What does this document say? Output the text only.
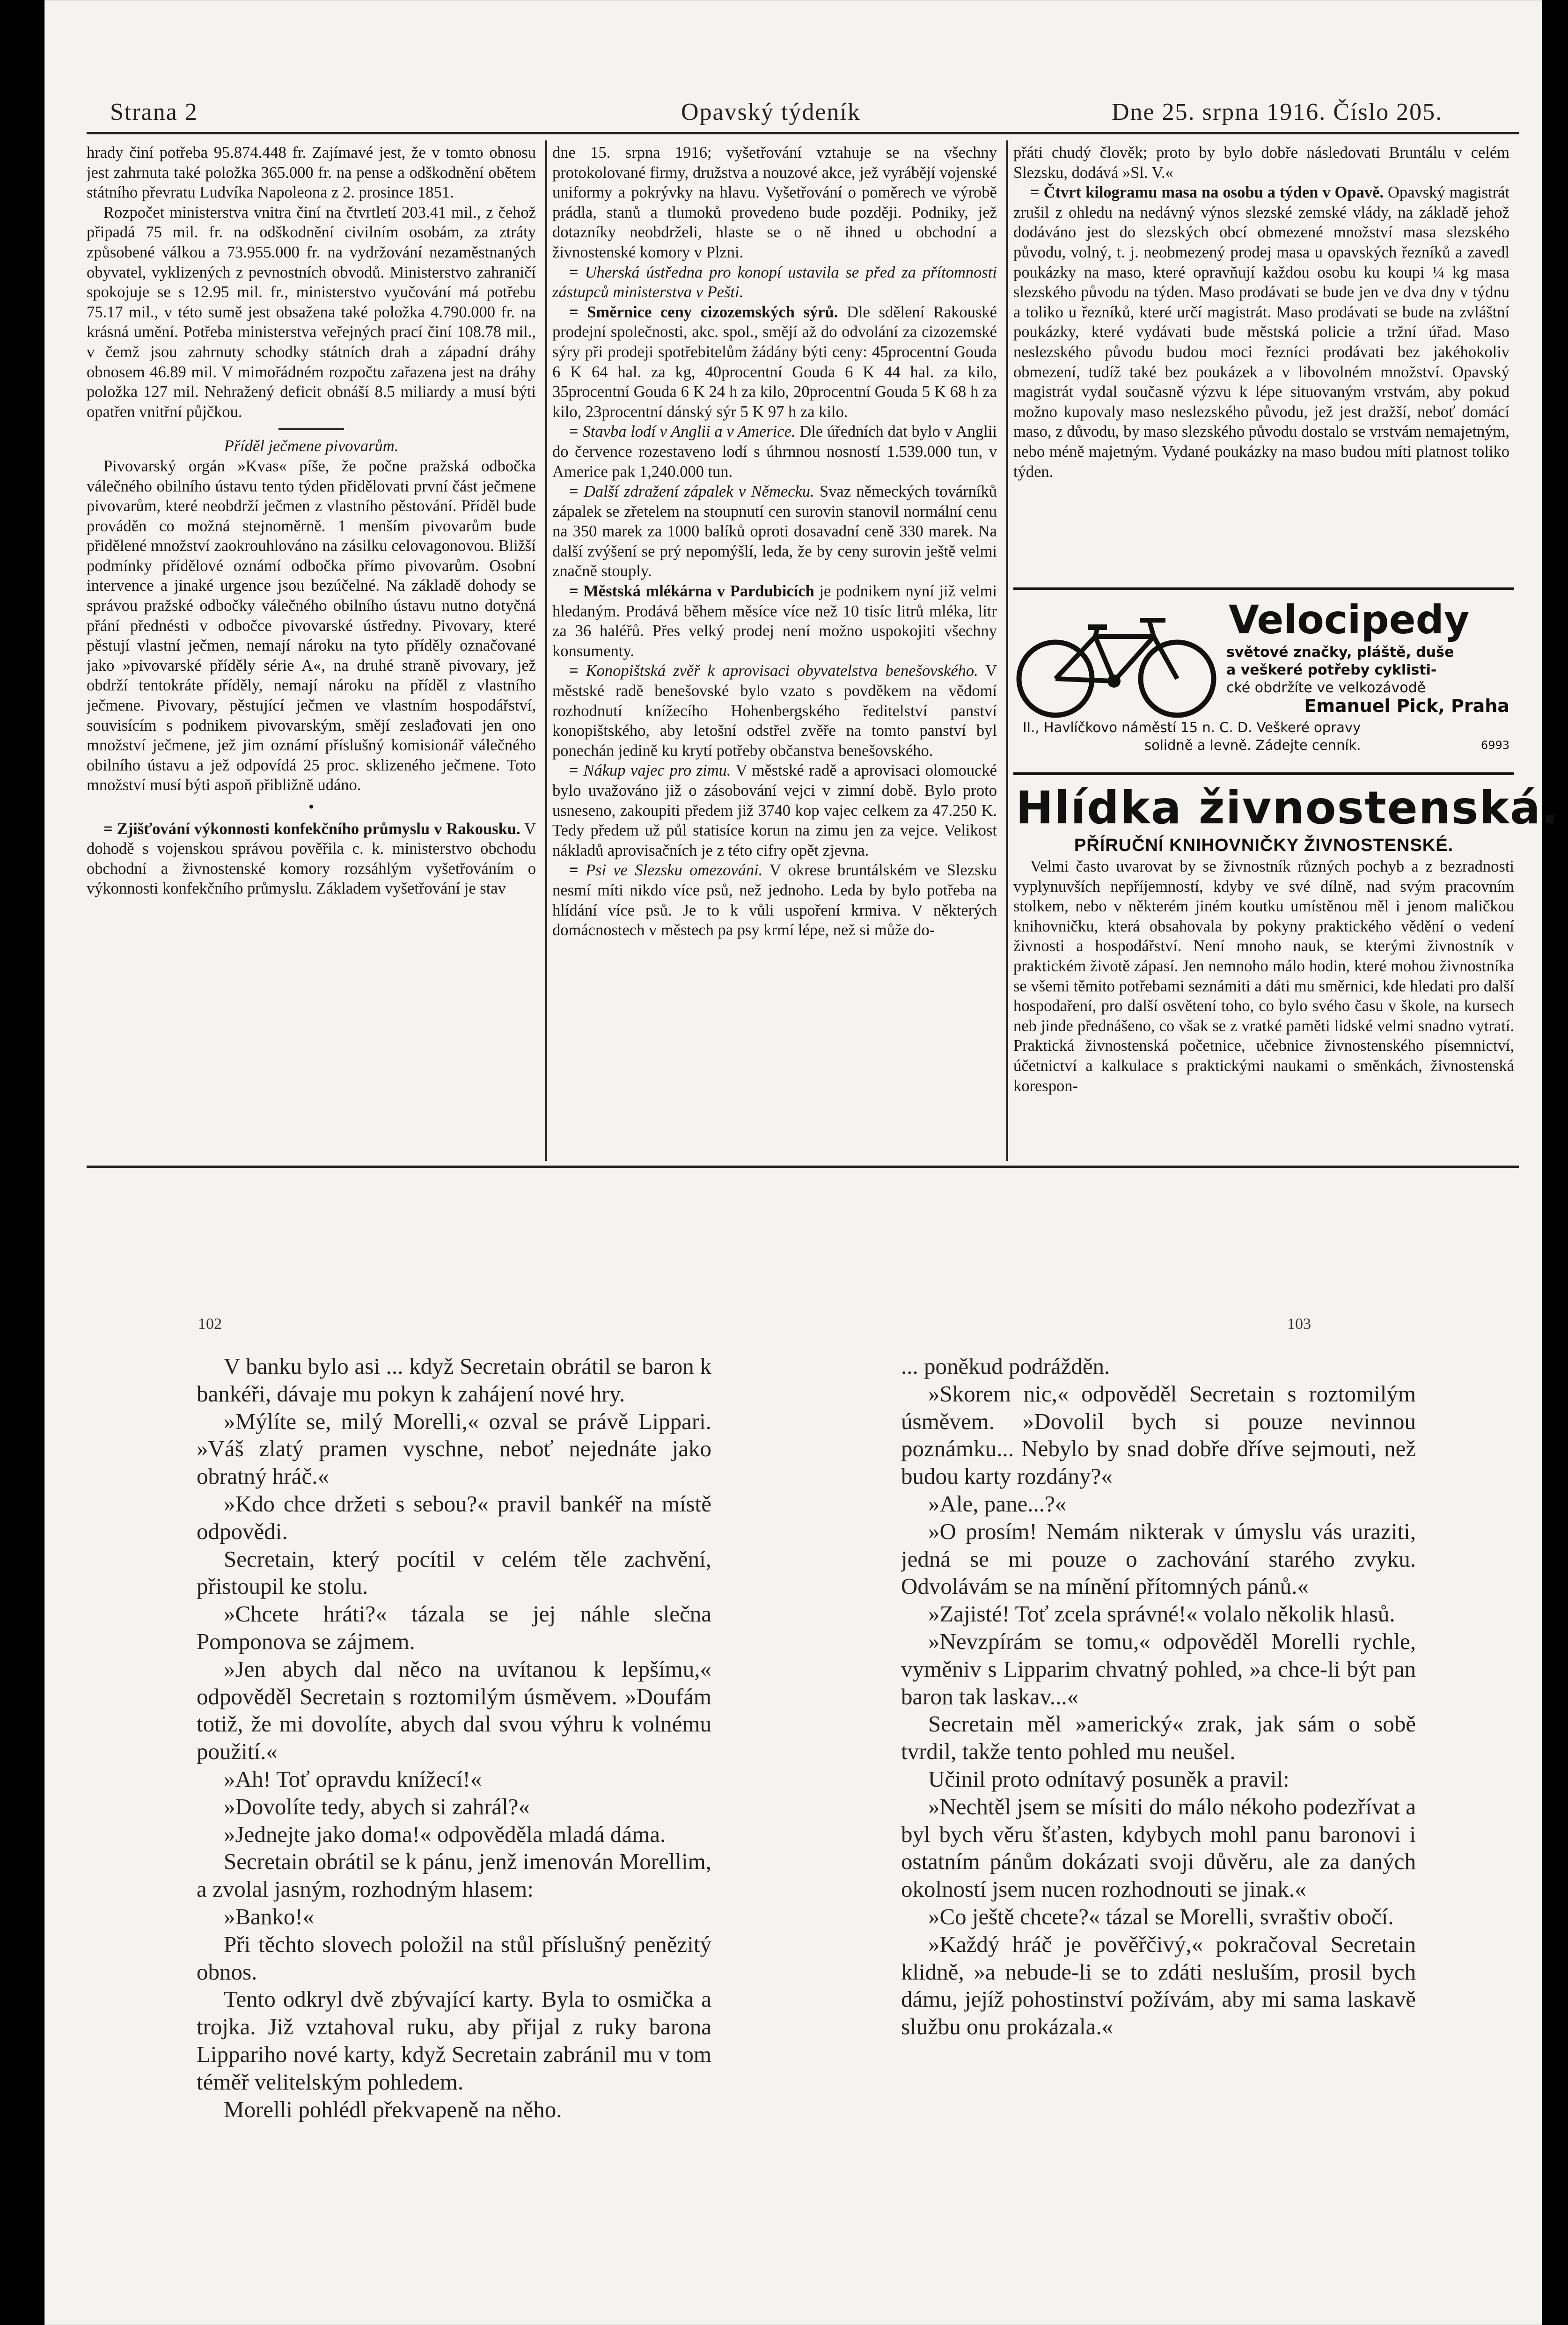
Strana 2	Opavský týdeník	Dne 25. srpna 1916. Číslo 205.

hrady činí potřeba 95.874.448 fr. Zajímavé jest, že v tomto obnosu jest zahrnuta také položka 365.000 fr. na pense a odškodnění obětem státního převratu Ludvíka Napoleona z 2. prosince 1851.

Rozpočet ministerstva vnitra činí na čtvrtletí 203.41 mil., z čehož připadá 75 mil. fr. na odškodnění civilním osobám, za ztráty způsobené válkou a 73.955.000 fr. na vydržování nezaměstnaných obyvatel, vyklizených z pevnostních obvodů. Ministerstvo zahraničí spokojuje se s 12.95 mil. fr., ministerstvo vyučování má potřebu 75.17 mil., v této sumě jest obsažena také položka 4.790.000 fr. na krásná umění. Potřeba ministerstva veřejných prací činí 108.78 mil., v čemž jsou zahrnuty schodky státních drah a západní dráhy obnosem 46.89 mil. V mimořádném rozpočtu zařazena jest na dráhy položka 127 mil. Nehražený deficit obnáší 8.5 miliardy a musí býti opatřen vnitřní půjčkou.

Příděl ječmene pivovarům.

Pivovarský orgán »Kvas« píše, že počne pražská odbočka válečného obilního ústavu tento týden přidělovati první část ječmene pivovarům, které neobdrží ječmen z vlastního pěstování. Příděl bude prováděn co možná stejnoměrně. 1 menším pivovarům bude přidělené množství zaokrouhlováno na zásilku celovagonovou. Bližší podmínky přídělové oznámí odbočka přímo pivovarům. Osobní intervence a jinaké urgence jsou bezúčelné. Na základě dohody se správou pražské odbočky válečného obilního ústavu nutno dotyčná přání přednésti v odbočce pivovarské ústředny. Pivovary, které pěstují vlastní ječmen, nemají nároku na tyto příděly označované jako »pivovarské příděly série A«, na druhé straně pivovary, jež obdrží tentokráte příděly, nemají nároku na příděl z vlastního ječmene. Pivovary, pěstující ječmen ve vlastním hospodářství, souvisícím s podnikem pivovarským, smějí zeslađovati jen ono množství ječmene, jež jim oznámí příslušný komisionář válečného obilního ústavu a jež odpovídá 25 proc. sklizeného ječmene. Toto množství musí býti aspoň přibližně udáno.

•

= Zjišťování výkonnosti konfekčního průmyslu v Rakousku. V dohodě s vojenskou správou pověřila c. k. ministerstvo obchodu obchodní a živnostenské komory rozsáhlým vyšetřováním o výkonnosti konfekčního průmyslu. Základem vyšetřování je stav

dne 15. srpna 1916; vyšetřování vztahuje se na všechny protokolované firmy, družstva a nouzové akce, jež vyrábějí vojenské uniformy a pokrývky na hlavu. Vyšetřování o poměrech ve výrobě prádla, stanů a tlumoků provedeno bude později. Podniky, jež dotazníky neobdrželi, hlaste se o ně ihned u obchodní a živnostenské komory v Plzni.

= Uherská ústředna pro konopí ustavila se před za přítomnosti zástupců ministerstva v Pešti.

= Směrnice ceny cizozemských sýrů. Dle sdělení Rakouské prodejní společnosti, akc. spol., smějí až do odvolání za cizozemské sýry při prodeji spotřebitelům žádány býti ceny: 45procentní Gouda 6 K 64 hal. za kg, 40procentní Gouda 6 K 44 hal. za kilo, 35procentní Gouda 6 K 24 h za kilo, 20procentní Gouda 5 K 68 h za kilo, 23procentní dánský sýr 5 K 97 h za kilo.

= Stavba lodí v Anglii a v Americe. Dle úředních dat bylo v Anglii do července rozestaveno lodí s úhrnnou nosností 1.539.000 tun, v Americe pak 1,240.000 tun.

= Další zdražení zápalek v Německu. Svaz německých továrníků zápalek se zřetelem na stoupnutí cen surovin stanovil normální cenu na 350 marek za 1000 balíků oproti dosavadní ceně 330 marek. Na další zvýšení se prý nepomýšlí, leda, že by ceny surovin ještě velmi značně stouply.

= Městská mlékárna v Pardubicích je podnikem nyní již velmi hledaným. Prodává během měsíce více než 10 tisíc litrů mléka, litr za 36 haléřů. Přes velký prodej není možno uspokojiti všechny konsumenty.

= Konopištská zvěř k aprovisaci obyvatelstva benešovského. V městské radě benešovské bylo vzato s povděkem na vědomí rozhodnutí knížecího Hohenbergského ředitelství panství konopištského, aby letošní odstřel zvěře na tomto panství byl ponechán jedině ku krytí potřeby občanstva benešovského.

= Nákup vajec pro zimu. V městské radě a aprovisaci olomoucké bylo uvažováno již o zásobování vejci v zimní době. Bylo proto usneseno, zakoupiti předem již 3740 kop vajec celkem za 47.250 K. Tedy předem už půl statisíce korun na zimu jen za vejce. Velikost nákladů aprovisačních je z této cifry opět zjevna.

= Psi ve Slezsku omezováni. V okrese bruntálském ve Slezsku nesmí míti nikdo více psů, než jednoho. Leda by bylo potřeba na hlídání více psů. Je to k vůli uspoření krmiva. V některých domácnostech v městech pa psy krmí lépe, než si může do-

přáti chudý člověk; proto by bylo dobře následovati Bruntálu v celém Slezsku, dodává »Sl. V.«

= Čtvrt kilogramu masa na osobu a týden v Opavě. Opavský magistrát zrušil z ohledu na nedávný výnos slezské zemské vlády, na základě jehož dodáváno jest do slezských obcí obmezené množství masa slezského původu, volný, t. j. neobmezený prodej masa u opavských řezníků a zavedl poukázky na maso, které opravňují každou osobu ku koupi ¼ kg masa slezského původu na týden. Maso prodávati se bude jen ve dva dny v týdnu a toliko u řezníků, které určí magistrát. Maso prodávati se bude na zvláštní poukázky, které vydávati bude městská policie a tržní úřad. Maso neslezského původu budou moci řezníci prodávati bez jakéhokoliv obmezení, tudíž také bez poukázek a v libovolném množství. Opavský magistrát vydal současně výzvu k lépe situovaným vrstvám, aby pokud možno kupovaly maso neslezského původu, jež jest dražší, neboť domácí maso, z důvodu, by maso slezského původu dostalo se vrstvám nemajetným, nebo méně majetným. Vydané poukázky na maso budou míti platnost toliko týden.

Velocipedy
světové značky, pláště, duše
a veškeré potřeby cyklisti-
cké obdržíte ve velkozávodě
Emanuel Pick, Praha
II., Havlíčkovo náměstí 15 n. C. D. Veškeré opravy
solidně a levně. Zádejte cenník.	6993
Hlídka živnostenská.
PŘÍRUČNÍ KNIHOVNIČKY ŽIVNOSTENSKÉ.

Velmi často uvarovat by se živnostník různých pochyb a z bezradnosti vyplynuvších nepříjemností, kdyby ve své dílně, nad svým pracovním stolkem, nebo v některém jiném koutku umístěnou měl i jenom maličkou knihovničku, která obsahovala by pokyny praktického vědění o vedení živnosti a hospodářství. Není mnoho nauk, se kterými živnostník v praktickém životě zápasí. Jen nemnoho málo hodin, které mohou živnostníka se všemi těmito potřebami seznámiti a dáti mu směrnici, kde hledati pro další hospodaření, pro další osvětení toho, co bylo svého času v škole, na kursech neb jinde přednášeno, co však se z vratké paměti lidské velmi snadno vytratí. Praktická živnostenská početnice, učebnice živnostenského písemnictví, účetnictví a kalkulace s praktickými naukami o směnkách, živnostenská korespon-

102	103

V banku bylo asi ... když Secretain obrátil se baron k bankéři, dávaje mu pokyn k zahájení nové hry.

»Mýlíte se, milý Morelli,« ozval se právě Lippari. »Váš zlatý pramen vyschne, neboť nejednáte jako obratný hráč.«

»Kdo chce držeti s sebou?« pravil bankéř na místě odpovědi.

Secretain, který pocítil v celém těle zachvění, přistoupil ke stolu.

»Chcete hráti?« tázala se jej náhle slečna Pomponova se zájmem.

»Jen abych dal něco na uvítanou k lepšímu,« odpověděl Secretain s roztomilým úsměvem. »Doufám totiž, že mi dovolíte, abych dal svou výhru k volnému použití.«

»Ah! Toť opravdu knížecí!«

»Dovolíte tedy, abych si zahrál?«

»Jednejte jako doma!« odpověděla mladá dáma.

Secretain obrátil se k pánu, jenž imenován Morellim, a zvolal jasným, rozhodným hlasem:

»Banko!«

Při těchto slovech položil na stůl příslušný penězitý obnos.

Tento odkryl dvě zbývající karty. Byla to osmička a trojka. Již vztahoval ruku, aby přijal z ruky barona Lippariho nové karty, když Secretain zabránil mu v tom téměř velitelským pohledem.

Morelli pohlédl překvapeně na něho.

... poněkud podrážděn.

»Skorem nic,« odpověděl Secretain s roztomilým úsměvem. »Dovolil bych si pouze nevinnou poznámku... Nebylo by snad dobře dříve sejmouti, než budou karty rozdány?«

»Ale, pane...?«

»O prosím! Nemám nikterak v úmyslu vás uraziti, jedná se mi pouze o zachování starého zvyku. Odvolávám se na mínění přítomných pánů.«

»Zajisté! Toť zcela správné!« volalo několik hlasů.

»Nevzpírám se tomu,« odpověděl Morelli rychle, vyměniv s Lipparim chvatný pohled, »a chce-li být pan baron tak laskav...«

Secretain měl »americký« zrak, jak sám o sobě tvrdil, takže tento pohled mu neušel.

Učinil proto odnítavý posuněk a pravil:

»Nechtěl jsem se mísiti do málo nékoho podezřívat a byl bych věru šťasten, kdybych mohl panu baronovi i ostatním pánům dokázati svoji důvěru, ale za daných okolností jsem nucen rozhodnouti se jinak.«

»Co ještě chcete?« tázal se Morelli, svraštiv obočí.

»Každý hráč je pověřčivý,« pokračoval Secretain klidně, »a nebude-li se to zdáti nesluším, prosil bych dámu, jejíž pohostinství požívám, aby mi sama laskavě službu onu prokázala.«
